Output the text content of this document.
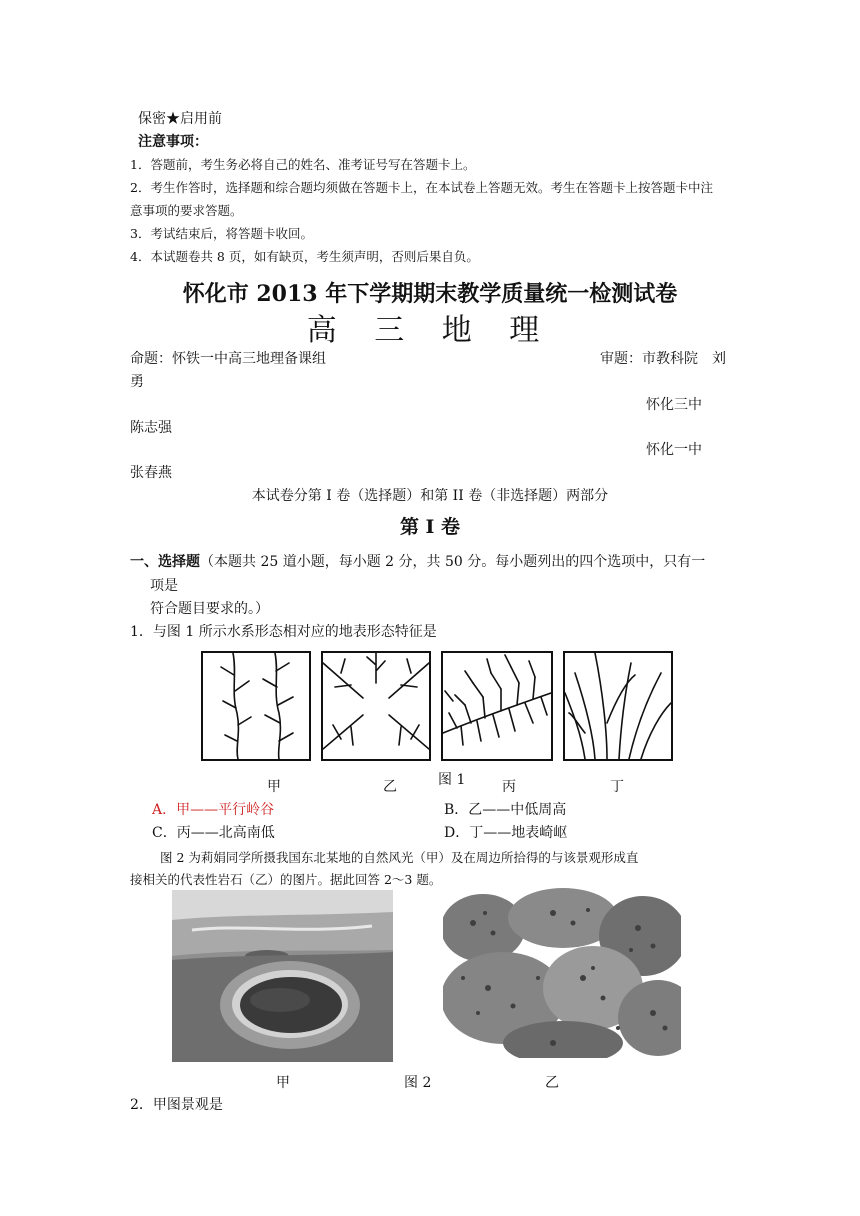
保密★启用前
注意事项：
1．答题前，考生务必将自己的姓名、准考证号写在答题卡上。
2．考生作答时，选择题和综合题均须做在答题卡上，在本试卷上答题无效。考生在答题卡上按答题卡中注
意事项的要求答题。
3．考试结束后，将答题卡收回。
4．本试题卷共 8 页，如有缺页，考生须声明，否则后果自负。
怀化市 2013 年下学期期末教学质量统一检测试卷
高 三 地 理
命题：怀铁一中高三地理备课组	审题：市教科院　刘
勇
怀化三中
陈志强
怀化一中
张春燕
本试卷分第 I 卷（选择题）和第 II 卷（非选择题）两部分
第 I 卷
一、选择题（本题共 25 道小题，每小题 2 分，共 50 分。每小题列出的四个选项中，只有一
项是
符合题目要求的。）
1．与图 1 所示水系形态相对应的地表形态特征是
甲	乙	图 1	丙	丁
A．甲——平行岭谷	B．乙——中低周高
C．丙——北高南低	D．丁——地表崎岖
图 2 为莉娟同学所摄我国东北某地的自然风光（甲）及在周边所拾得的与该景观形成直
接相关的代表性岩石（乙）的图片。据此回答 2～3 题。
甲	图 2	乙
2．甲图景观是
